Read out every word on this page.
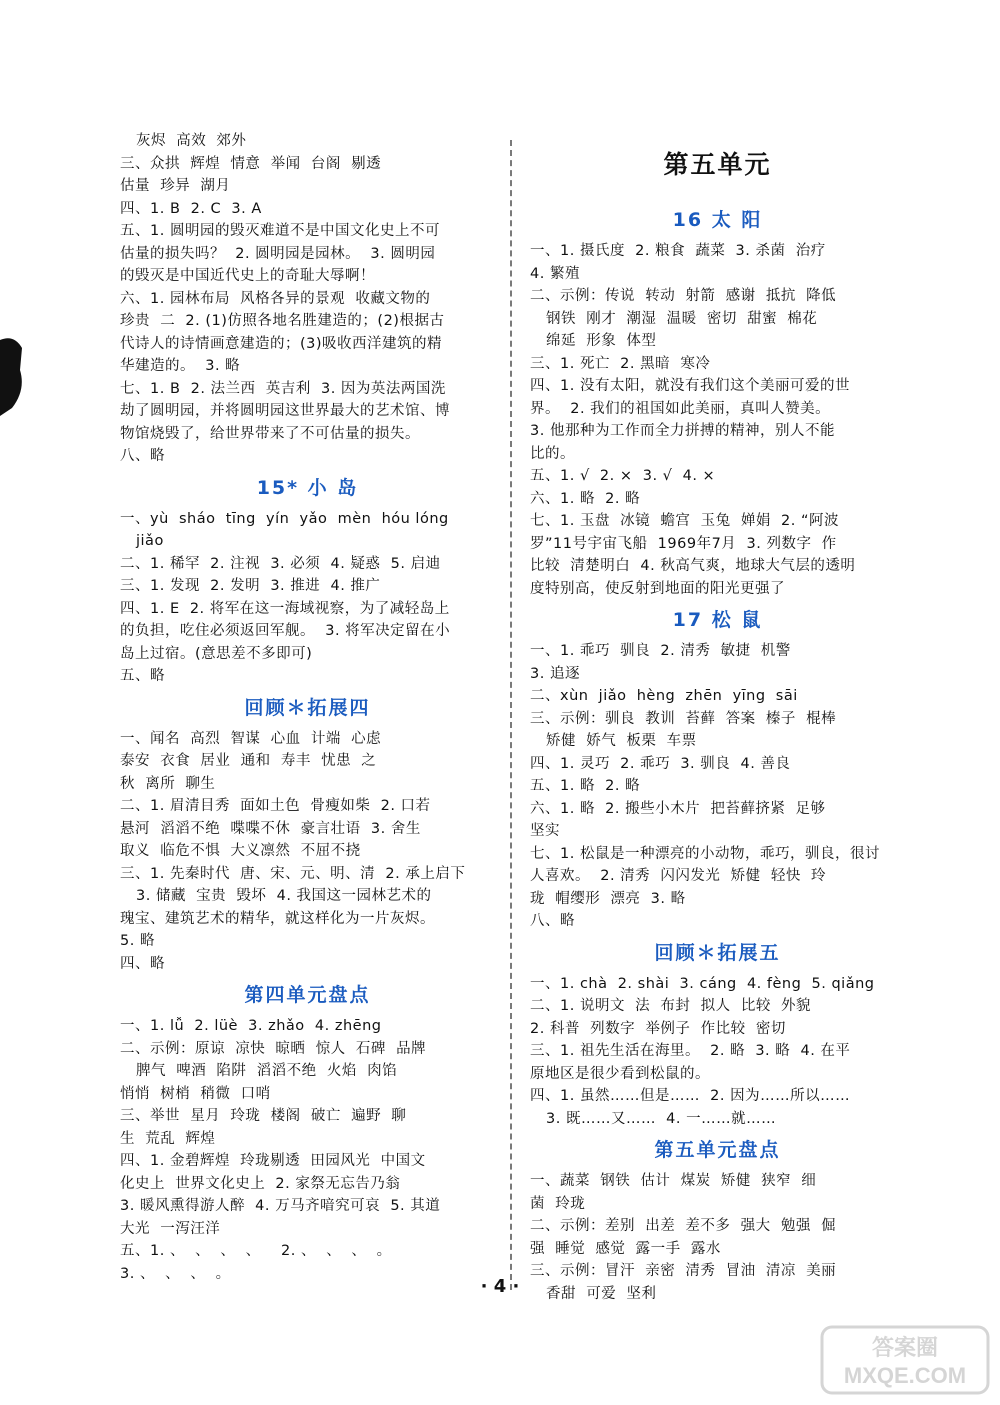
灰烬  高效  郊外
三、众拱  辉煌  情意  举闻  台阁  剔透
估量  珍异  湖月
四、1. B  2. C  3. A
五、1. 圆明园的毁灭难道不是中国文化史上不可
估量的损失吗？  2. 圆明园是园林。  3. 圆明园
的毁灭是中国近代史上的奇耻大辱啊！
六、1. 园林布局  风格各异的景观  收藏文物的
珍贵  二  2. (1)仿照各地名胜建造的；(2)根据古
代诗人的诗情画意建造的；(3)吸收西洋建筑的精
华建造的。  3. 略
七、1. B  2. 法兰西  英吉利  3. 因为英法两国洗
劫了圆明园，并将圆明园这世界最大的艺术馆、博
物馆烧毁了，给世界带来了不可估量的损失。
八、略
15* 小 岛
一、yù  sháo  tīng  yín  yǎo  mèn  hóu lóng
jiǎo
二、1. 稀罕  2. 注视  3. 必须  4. 疑惑  5. 启迪
三、1. 发现  2. 发明  3. 推进  4. 推广
四、1. E  2. 将军在这一海域视察，为了减轻岛上
的负担，吃住必须返回军舰。  3. 将军决定留在小
岛上过宿。(意思差不多即可)
五、略
回顾＊拓展四
一、闻名  高烈  智谋  心血  计端  心虑
泰安  衣食  居业  通和  寿丰  忧患  之
秋  离所  聊生
二、1. 眉清目秀  面如土色  骨瘦如柴  2. 口若
悬河  滔滔不绝  喋喋不休  豪言壮语  3. 舍生
取义  临危不惧  大义凛然  不屈不挠
三、1. 先秦时代  唐、宋、元、明、清  2. 承上启下
3. 储藏  宝贵  毁坏  4. 我国这一园林艺术的
瑰宝、建筑艺术的精华，就这样化为一片灰烬。
5. 略
四、略
第四单元盘点
一、1. lǚ  2. lüè  3. zhǎo  4. zhēng
二、示例：原谅  凉快  晾晒  惊人  石碑  品牌
脾气  啤酒  陷阱  滔滔不绝  火焰  肉馅
悄悄  树梢  稍微  口哨
三、举世  星月  玲珑  楼阁  破亡  遍野  聊
生  荒乱  辉煌
四、1. 金碧辉煌  玲珑剔透  田园风光  中国文
化史上  世界文化史上  2. 家祭无忘告乃翁
3. 暖风熏得游人醉  4. 万马齐喑究可哀  5. 其道
大光  一泻汪洋
五、1. 、  、  、  、    2. 、  、  、  。
3. 、  、  、  。
第五单元
16 太 阳
一、1. 摄氏度  2. 粮食  蔬菜  3. 杀菌  治疗
4. 繁殖
二、示例：传说  转动  射箭  感谢  抵抗  降低
钢铁  刚才  潮湿  温暖  密切  甜蜜  棉花
绵延  形象  体型
三、1. 死亡  2. 黑暗  寒冷
四、1. 没有太阳，就没有我们这个美丽可爱的世
界。  2. 我们的祖国如此美丽，真叫人赞美。
3. 他那种为工作而全力拼搏的精神，别人不能
比的。
五、1. √  2. ×  3. √  4. ×
六、1. 略  2. 略
七、1. 玉盘  冰镜  蟾宫  玉兔  婵娟  2. “阿波
罗”11号宇宙飞船  1969年7月  3. 列数字  作
比较  清楚明白  4. 秋高气爽，地球大气层的透明
度特别高，使反射到地面的阳光更强了
17 松 鼠
一、1. 乖巧  驯良  2. 清秀  敏捷  机警
3. 追逐
二、xùn  jiǎo  hèng  zhēn  yīng  sāi
三、示例：驯良  教训  苔藓  答案  榛子  棍棒
矫健  娇气  板栗  车票
四、1. 灵巧  2. 乖巧  3. 驯良  4. 善良
五、1. 略  2. 略
六、1. 略  2. 搬些小木片  把苔藓挤紧  足够
坚实
七、1. 松鼠是一种漂亮的小动物，乖巧，驯良，很讨
人喜欢。  2. 清秀  闪闪发光  矫健  轻快  玲
珑  帽缨形  漂亮  3. 略
八、略
回顾＊拓展五
一、1. chà  2. shài  3. cáng  4. fèng  5. qiǎng
二、1. 说明文  法  布封  拟人  比较  外貌
2. 科普  列数字  举例子  作比较  密切
三、1. 祖先生活在海里。  2. 略  3. 略  4. 在平
原地区是很少看到松鼠的。
四、1. 虽然……但是……  2. 因为……所以……
3. 既……又……  4. 一……就……
第五单元盘点
一、蔬菜  钢铁  估计  煤炭  矫健  狭窄  细
菌  玲珑
二、示例：差别  出差  差不多  强大  勉强  倔
强  睡觉  感觉  露一手  露水
三、示例：冒汗  亲密  清秀  冒油  清凉  美丽
香甜  可爱  坚利
· 4 ·
答案圈
MXQE.COM
